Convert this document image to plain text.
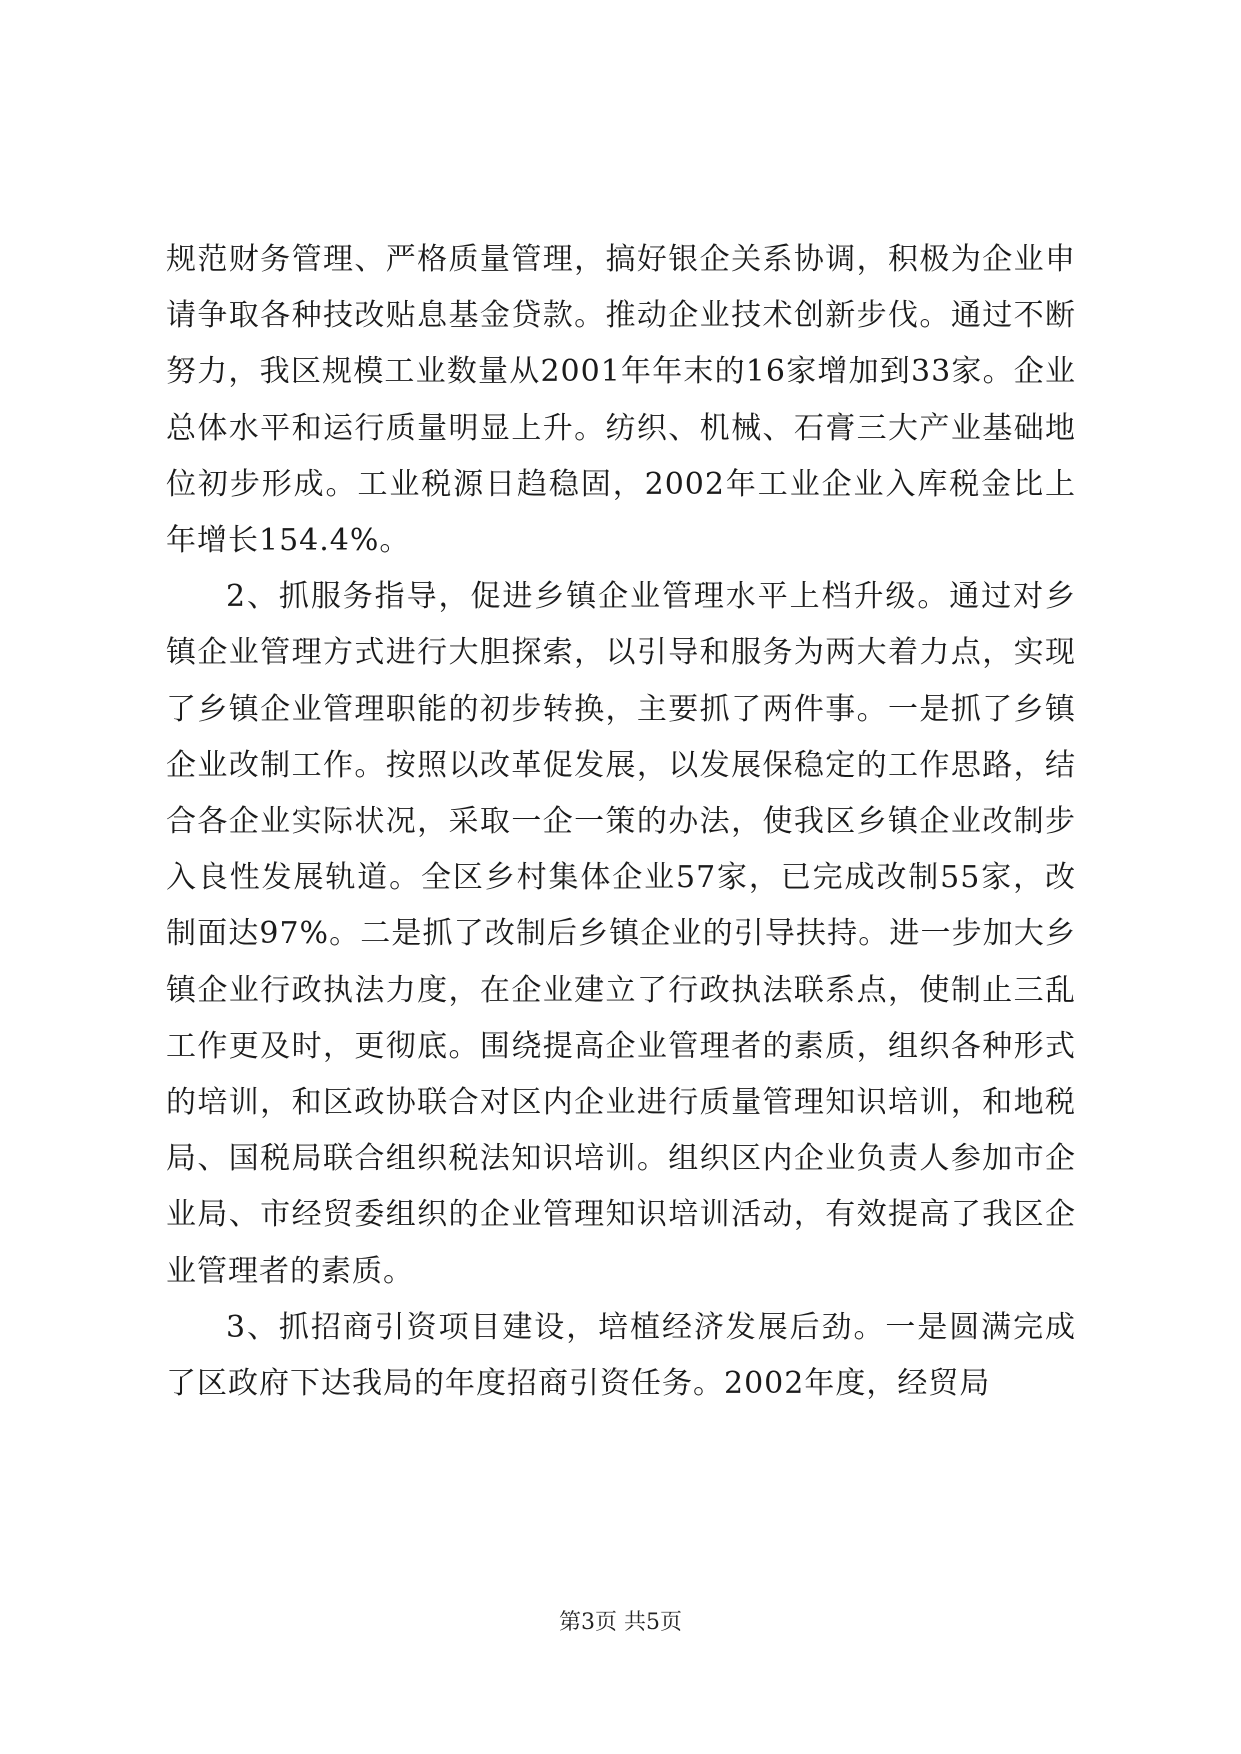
规范财务管理、严格质量管理，搞好银企关系协调，积极为企业申请争取各种技改贴息基金贷款。推动企业技术创新步伐。通过不断努力，我区规模工业数量从2001年年末的16家增加到33家。企业总体水平和运行质量明显上升。纺织、机械、石膏三大产业基础地位初步形成。工业税源日趋稳固，2002年工业企业入库税金比上年增长154.4%。

2、抓服务指导，促进乡镇企业管理水平上档升级。通过对乡镇企业管理方式进行大胆探索，以引导和服务为两大着力点，实现了乡镇企业管理职能的初步转换，主要抓了两件事。一是抓了乡镇企业改制工作。按照以改革促发展，以发展保稳定的工作思路，结合各企业实际状况，采取一企一策的办法，使我区乡镇企业改制步入良性发展轨道。全区乡村集体企业57家，已完成改制55家，改制面达97%。二是抓了改制后乡镇企业的引导扶持。进一步加大乡镇企业行政执法力度，在企业建立了行政执法联系点，使制止三乱工作更及时，更彻底。围绕提高企业管理者的素质，组织各种形式的培训，和区政协联合对区内企业进行质量管理知识培训，和地税局、国税局联合组织税法知识培训。组织区内企业负责人参加市企业局、市经贸委组织的企业管理知识培训活动，有效提高了我区企业管理者的素质。

3、抓招商引资项目建设，培植经济发展后劲。一是圆满完成了区政府下达我局的年度招商引资任务。2002年度，经贸局

第3页 共5页
